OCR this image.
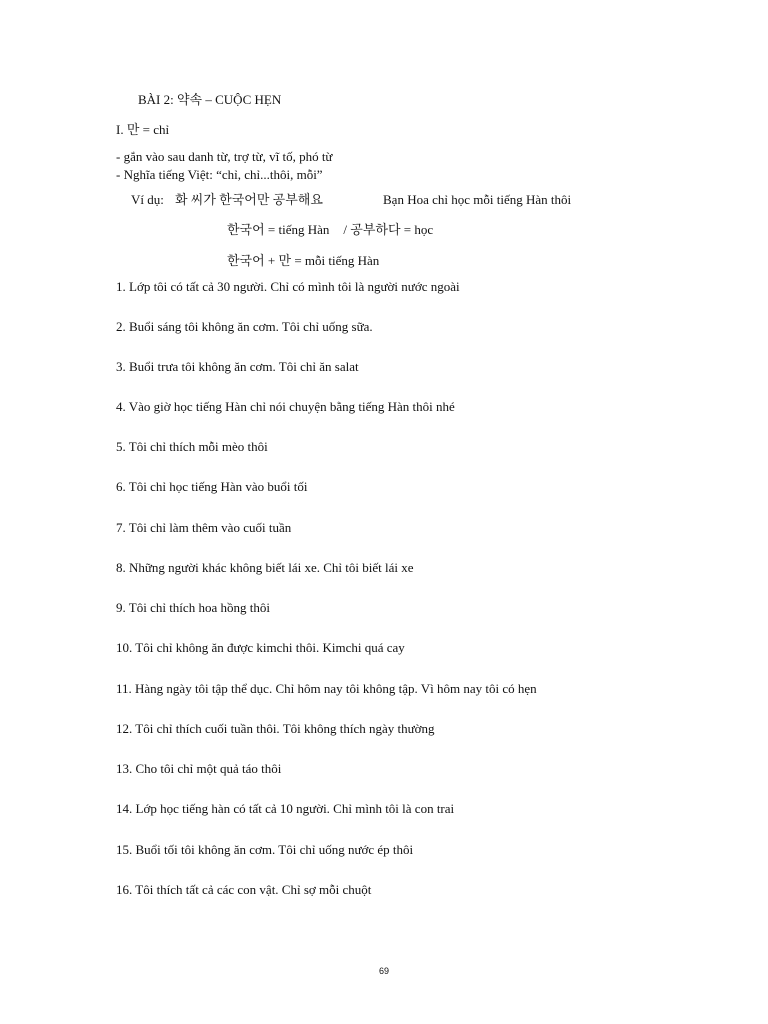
BÀI 2: 약속 – CUỘC HẸN
I. 만 = chỉ
- gắn vào sau danh từ, trợ từ, vĩ tố, phó từ
- Nghĩa tiếng Việt: “chỉ, chỉ...thôi, mỗi”
Ví dụ: 화 씨가 한국어만 공부해요	Bạn Hoa chỉ học mỗi tiếng Hàn thôi
한국어 = tiếng Hàn / 공부하다 = học
한국어 + 만 = mỗi tiếng Hàn
1. Lớp tôi có tất cả 30 người. Chỉ có mình tôi là người nước ngoài
2. Buổi sáng tôi không ăn cơm. Tôi chỉ uống sữa.
3. Buổi trưa tôi không ăn cơm. Tôi chỉ ăn salat
4. Vào giờ học tiếng Hàn chỉ nói chuyện bằng tiếng Hàn thôi nhé
5. Tôi chỉ thích mỗi mèo thôi
6. Tôi chỉ học tiếng Hàn vào buổi tối
7. Tôi chỉ làm thêm vào cuối tuần
8. Những người khác không biết lái xe. Chỉ tôi biết lái xe
9. Tôi chỉ thích hoa hồng thôi
10. Tôi chỉ không ăn được kimchi thôi. Kimchi quá cay
11. Hàng ngày tôi tập thể dục. Chỉ hôm nay tôi không tập. Vì hôm nay tôi có hẹn
12. Tôi chỉ thích cuối tuần thôi. Tôi không thích ngày thường
13. Cho tôi chỉ một quả táo thôi
14. Lớp học tiếng hàn có tất cả 10 người. Chỉ mình tôi là con trai
15. Buổi tối tôi không ăn cơm. Tôi chỉ uống nước ép thôi
16. Tôi thích tất cả các con vật. Chỉ sợ mỗi chuột
69
